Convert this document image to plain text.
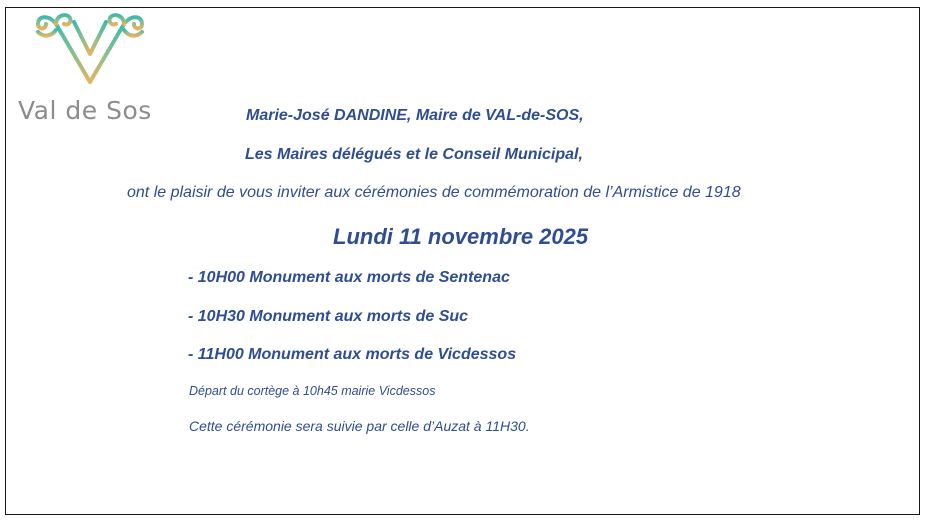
Val de Sos	Marie-José DANDINE, Maire de VAL-de-SOS,
Les Maires délégués et le Conseil Municipal,
ont le plaisir de vous inviter aux cérémonies de commémoration de l’Armistice de 1918
Lundi 11 novembre 2025
- 10H00 Monument aux morts de Sentenac
- 10H30 Monument aux morts de Suc
- 11H00 Monument aux morts de Vicdessos
Départ du cortège à 10h45 mairie Vicdessos
Cette cérémonie sera suivie par celle d’Auzat à 11H30.
